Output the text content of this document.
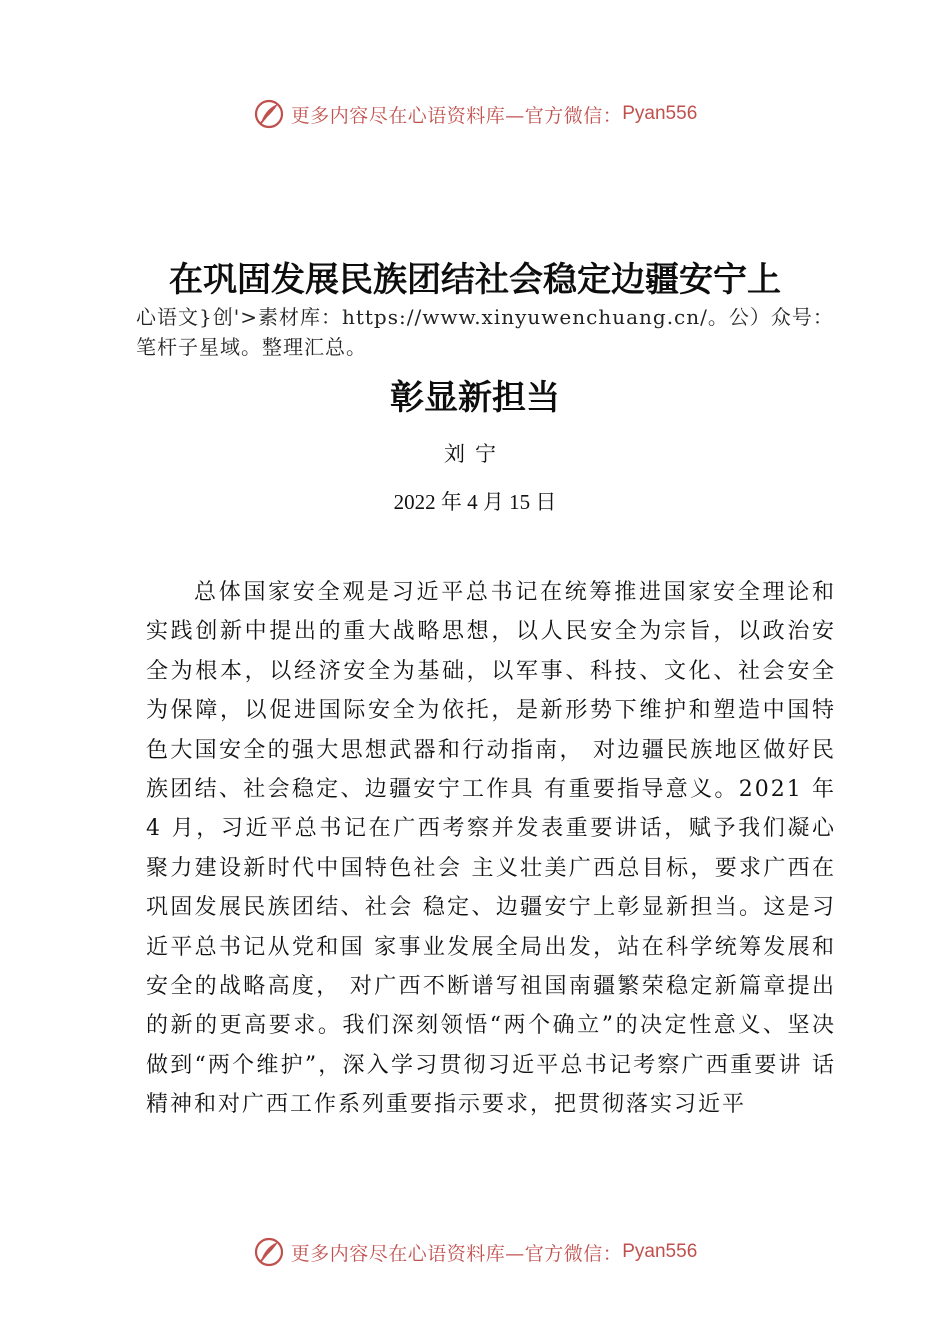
更多内容尽在心语资料库—官方微信： Pyan556
在巩固发展民族团结社会稳定边疆安宁上
心语文}创'>素材库：https://www.xinyuwenchuang.cn/。公）众号：笔杆子星域。整理汇总。
彰显新担当
刘宁
2022 年 4 月 15 日
总体国家安全观是习近平总书记在统筹推进国家安全理论和实践创新中提出的重大战略思想，以人民安全为宗旨，以政治安全为根本，以经济安全为基础，以军事、科技、文化、社会安全为保障，以促进国际安全为依托，是新形势下维护和塑造中国特色大国安全的强大思想武器和行动指南， 对边疆民族地区做好民族团结、社会稳定、边疆安宁工作具 有重要指导意义。2021 年 4 月，习近平总书记在广西考察并发表重要讲话，赋予我们凝心聚力建设新时代中国特色社会 主义壮美广西总目标，要求广西在巩固发展民族团结、社会 稳定、边疆安宁上彰显新担当。这是习近平总书记从党和国 家事业发展全局出发，站在科学统筹发展和安全的战略高度， 对广西不断谱写祖国南疆繁荣稳定新篇章提出的新的更高要求。我们深刻领悟“两个确立”的决定性意义、坚决做到“两个维护”，深入学习贯彻习近平总书记考察广西重要讲 话精神和对广西工作系列重要指示要求，把贯彻落实习近平
更多内容尽在心语资料库—官方微信： Pyan556
